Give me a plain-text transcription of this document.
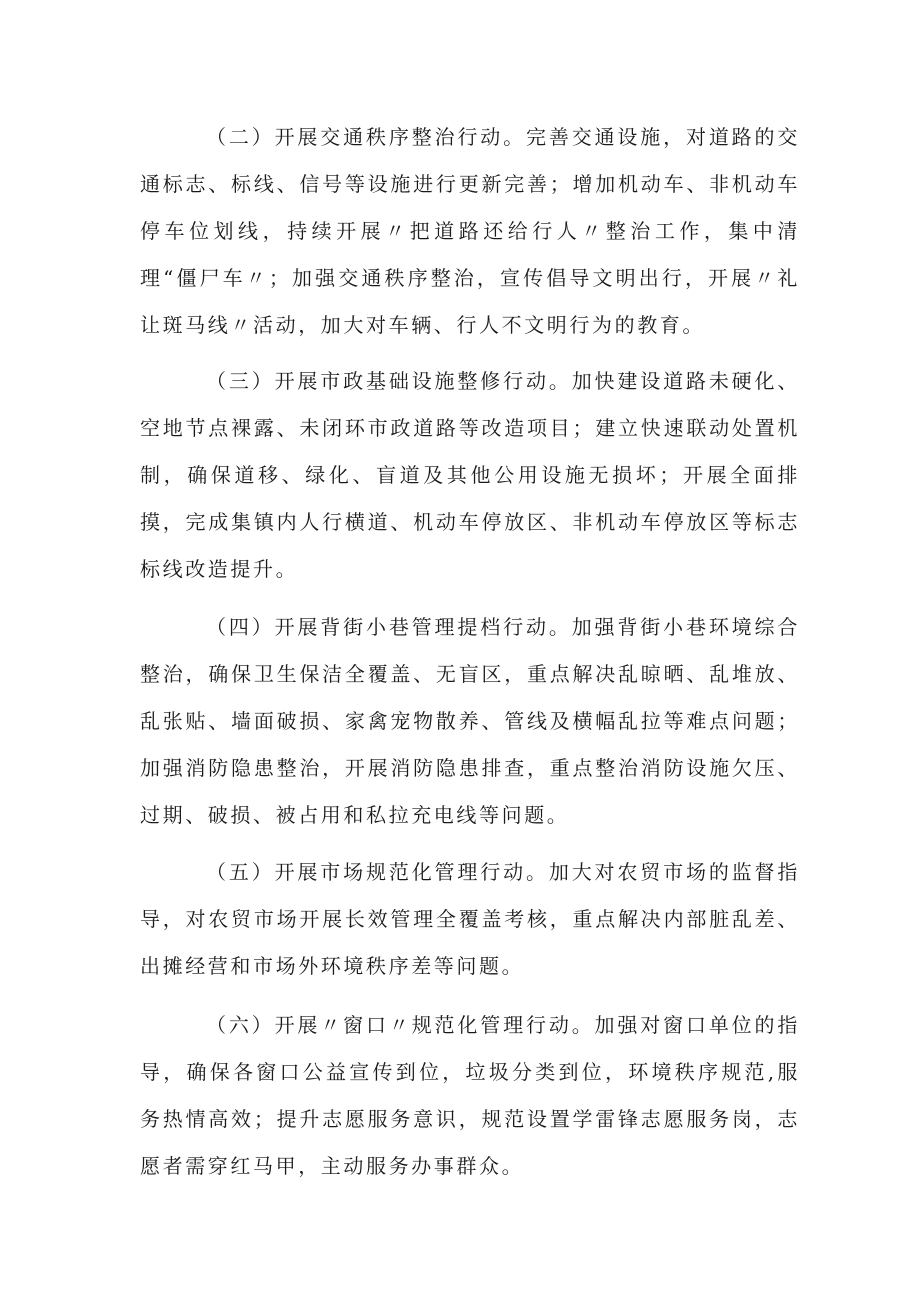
（二）开展交通秩序整治行动。完善交通设施，对道路的交通标志、标线、信号等设施进行更新完善；增加机动车、非机动车停车位划线，持续开展〃把道路还给行人〃整治工作，集中清理“僵尸车〃；加强交通秩序整治，宣传倡导文明出行，开展〃礼让斑马线〃活动，加大对车辆、行人不文明行为的教育。

（三）开展市政基础设施整修行动。加快建设道路未硬化、空地节点裸露、未闭环市政道路等改造项目；建立快速联动处置机制，确保道移、绿化、盲道及其他公用设施无损坏；开展全面排摸，完成集镇内人行横道、机动车停放区、非机动车停放区等标志标线改造提升。

（四）开展背街小巷管理提档行动。加强背街小巷环境综合整治，确保卫生保洁全覆盖、无盲区，重点解决乱晾晒、乱堆放、乱张贴、墙面破损、家禽宠物散养、管线及横幅乱拉等难点问题；加强消防隐患整治，开展消防隐患排查，重点整治消防设施欠压、过期、破损、被占用和私拉充电线等问题。

（五）开展市场规范化管理行动。加大对农贸市场的监督指导，对农贸市场开展长效管理全覆盖考核，重点解决内部脏乱差、出摊经营和市场外环境秩序差等问题。

（六）开展〃窗口〃规范化管理行动。加强对窗口单位的指导，确保各窗口公益宣传到位，垃圾分类到位，环境秩序规范,服务热情高效；提升志愿服务意识，规范设置学雷锋志愿服务岗，志愿者需穿红马甲，主动服务办事群众。
